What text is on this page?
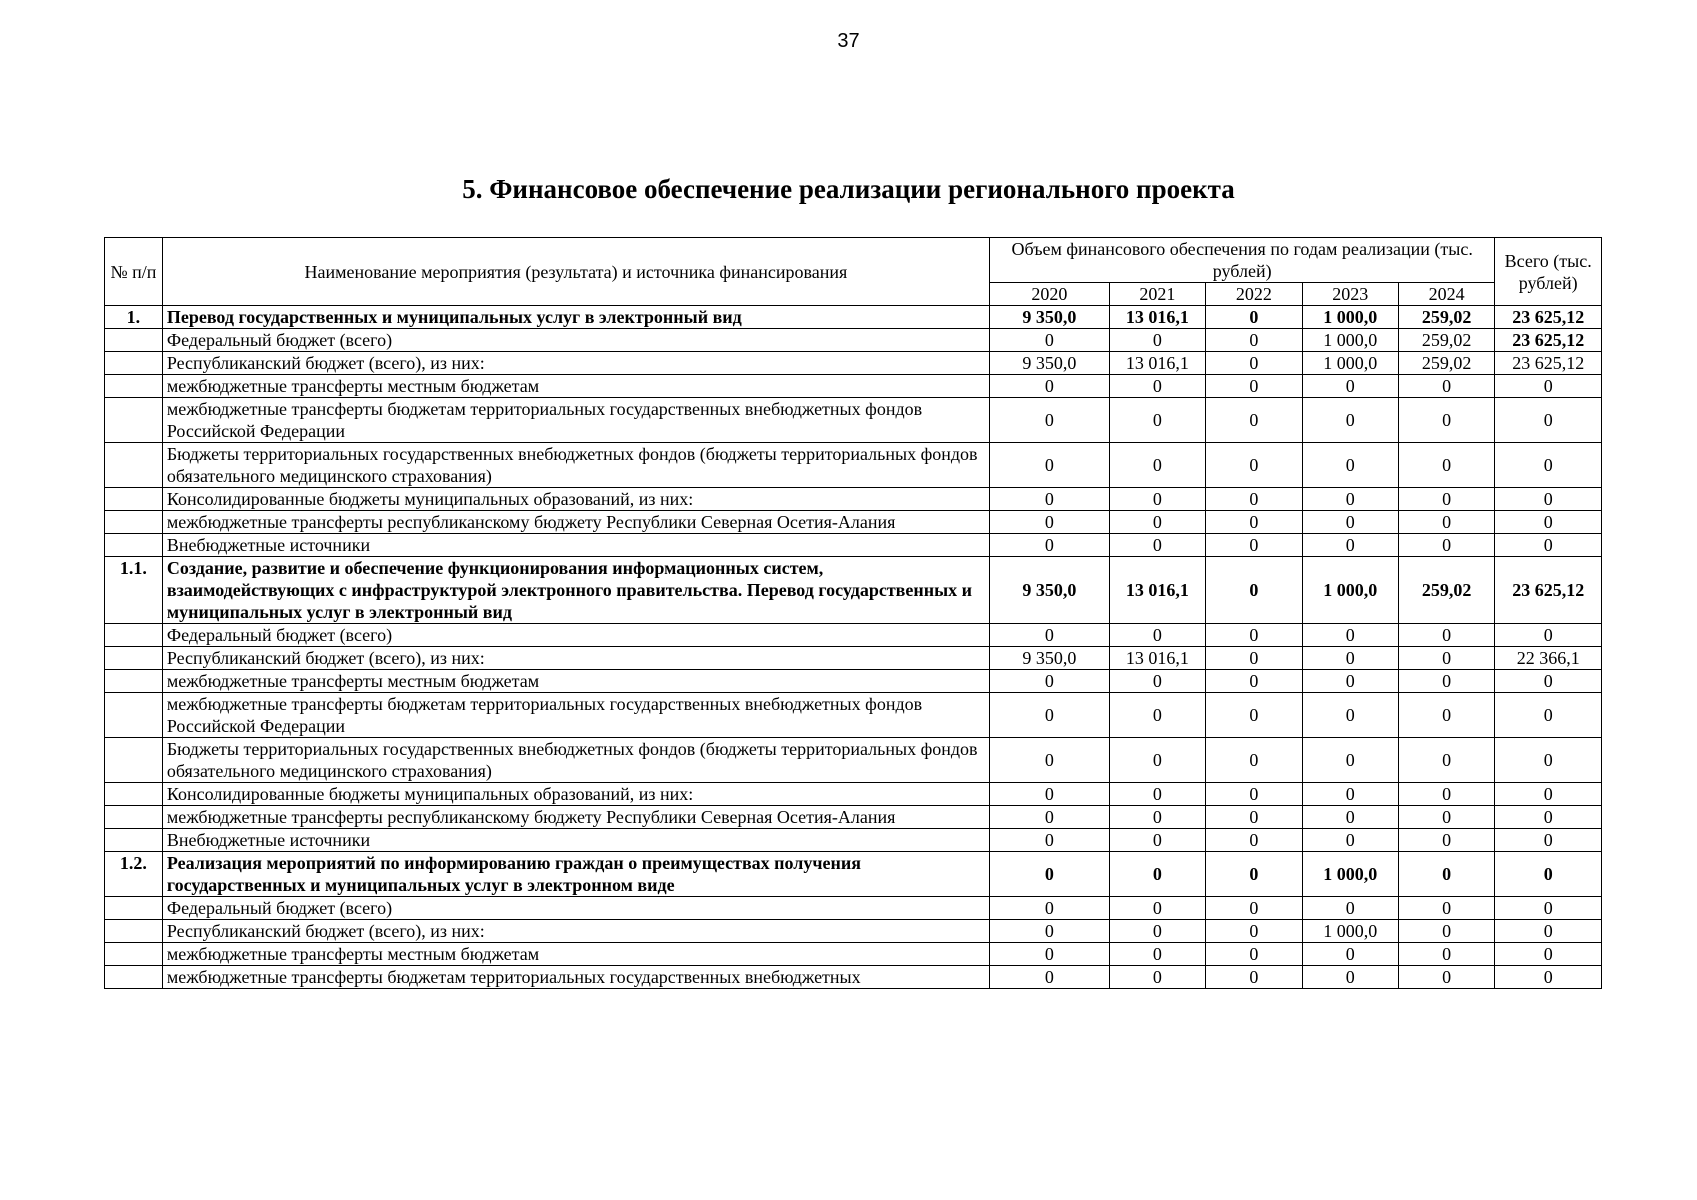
37
5. Финансовое обеспечение реализации регионального проекта
№ п/п	Наименование мероприятия (результата) и источника финансирования	Объем финансового обеспечения по годам реализации (тыс. рублей)					Всего (тыс. рублей)
		2020	2021	2022	2023	2024	
1.	Перевод государственных и муниципальных услуг в электронный вид	9 350,0	13 016,1	0	1 000,0	259,02	23 625,12
	Федеральный бюджет (всего)	0	0	0	1 000,0	259,02	23 625,12
	Республиканский бюджет (всего), из них:	9 350,0	13 016,1	0	1 000,0	259,02	23 625,12
	межбюджетные трансферты местным бюджетам	0	0	0	0	0	0
	межбюджетные трансферты бюджетам территориальных государственных внебюджетных фондов Российской Федерации	0	0	0	0	0	0
	Бюджеты территориальных государственных внебюджетных фондов (бюджеты территориальных фондов обязательного медицинского страхования)	0	0	0	0	0	0
	Консолидированные бюджеты муниципальных образований, из них:	0	0	0	0	0	0
	межбюджетные трансферты республиканскому бюджету Республики Северная Осетия-Алания	0	0	0	0	0	0
	Внебюджетные источники	0	0	0	0	0	0
1.1.	Создание, развитие и обеспечение функционирования информационных систем, взаимодействующих с инфраструктурой электронного правительства. Перевод государственных и муниципальных услуг в электронный вид	9 350,0	13 016,1	0	1 000,0	259,02	23 625,12
	Федеральный бюджет (всего)	0	0	0	0	0	0
	Республиканский бюджет (всего), из них:	9 350,0	13 016,1	0	0	0	22 366,1
	межбюджетные трансферты местным бюджетам	0	0	0	0	0	0
	межбюджетные трансферты бюджетам территориальных государственных внебюджетных фондов Российской Федерации	0	0	0	0	0	0
	Бюджеты территориальных государственных внебюджетных фондов (бюджеты территориальных фондов обязательного медицинского страхования)	0	0	0	0	0	0
	Консолидированные бюджеты муниципальных образований, из них:	0	0	0	0	0	0
	межбюджетные трансферты республиканскому бюджету Республики Северная Осетия-Алания	0	0	0	0	0	0
	Внебюджетные источники	0	0	0	0	0	0
1.2.	Реализация мероприятий по информированию граждан о преимуществах получения государственных и муниципальных услуг в электронном виде	0	0	0	1 000,0	0	0
	Федеральный бюджет (всего)	0	0	0	0	0	0
	Республиканский бюджет (всего), из них:	0	0	0	1 000,0	0	0
	межбюджетные трансферты местным бюджетам	0	0	0	0	0	0
	межбюджетные трансферты бюджетам территориальных государственных внебюджетных	0	0	0	0	0	0
